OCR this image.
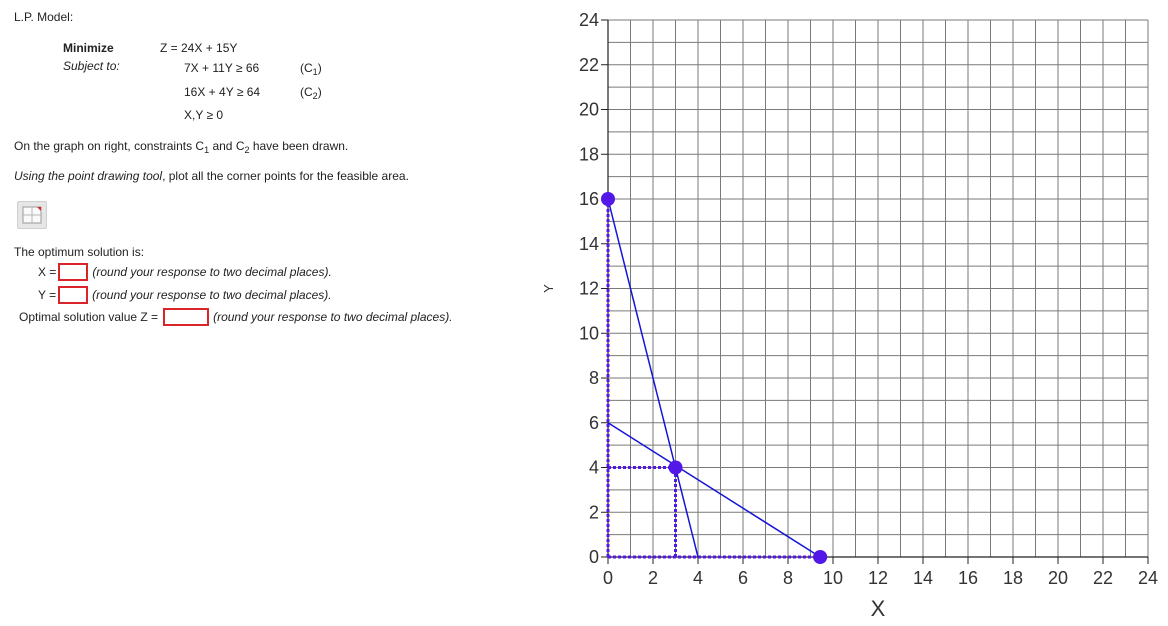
L.P. Model:
Minimize
Subject to:
Z = 24X + 15Y
7X + 11Y ≥ 66	$(C_1)$
16X + 4Y ≥ 64	$(C_2)$
X,Y ≥ 0
On the graph on right, constraints $C_1$ and $C_2$ have been drawn.
Using the point drawing tool, plot all the corner points for the feasible area.
The optimum solution is:
X =	(round your response to two decimal places).
Y =	(round your response to two decimal places).
Optimal solution value Z =	(round your response to two decimal places).
0 2 4 6 8 10 12 14 16 18 20 22 24
0
2
4
6
8
10
12
14
16
18
20
22
24
X
Y
